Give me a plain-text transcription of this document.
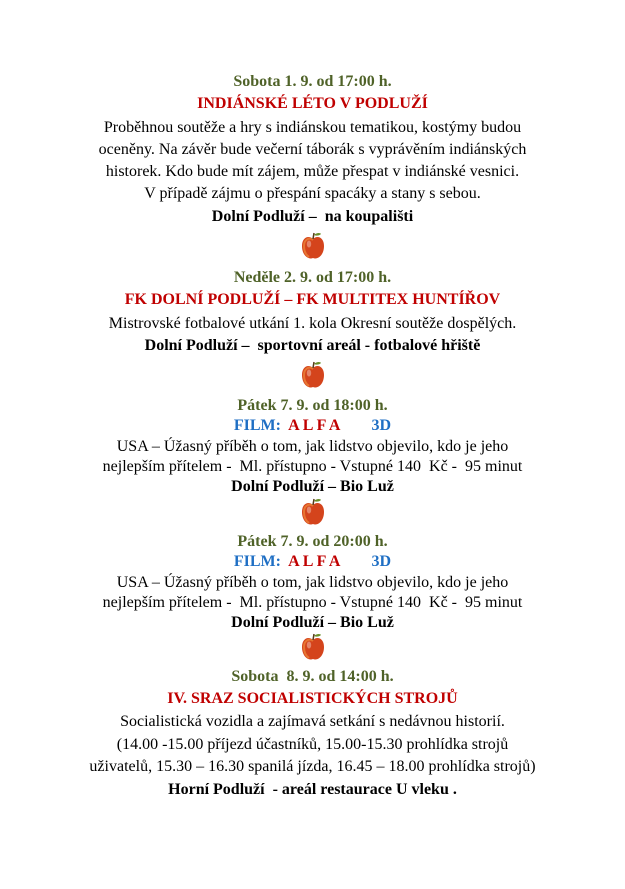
Sobota 1. 9. od 17:00 h.
INDIÁNSKÉ LÉTO V PODLUŽÍ
Proběhnou soutěže a hry s indiánskou tematikou, kostýmy budou
oceněny. Na závěr bude večerní táborák s vyprávěním indiánských
historek. Kdo bude mít zájem, může přespat v indiánské vesnici.
V případě zájmu o přespání spacáky a stany s sebou.
Dolní Podluží –  na koupališti
Neděle 2. 9. od 17:00 h.
FK DOLNÍ PODLUŽÍ – FK MULTITEX HUNTÍŘOV
Mistrovské fotbalové utkání 1. kola Okresní soutěže dospělých.
Dolní Podluží –  sportovní areál - fotbalové hřiště
Pátek 7. 9. od 18:00 h.
FILM: A L F A 3D
USA – Úžasný příběh o tom, jak lidstvo objevilo, kdo je jeho
nejlepším přítelem -  Ml. přístupno - Vstupné 140  Kč -  95 minut
Dolní Podluží – Bio Luž
Pátek 7. 9. od 20:00 h.
FILM: A L F A 3D
USA – Úžasný příběh o tom, jak lidstvo objevilo, kdo je jeho
nejlepším přítelem -  Ml. přístupno - Vstupné 140  Kč -  95 minut
Dolní Podluží – Bio Luž
Sobota  8. 9. od 14:00 h.
IV. SRAZ SOCIALISTICKÝCH STROJŮ
Socialistická vozidla a zajímavá setkání s nedávnou historií.
(14.00 -15.00 příjezd účastníků, 15.00-15.30 prohlídka strojů
uživatelů, 15.30 – 16.30 spanilá jízda, 16.45 – 18.00 prohlídka strojů)
Horní Podluží  - areál restaurace U vleku .
